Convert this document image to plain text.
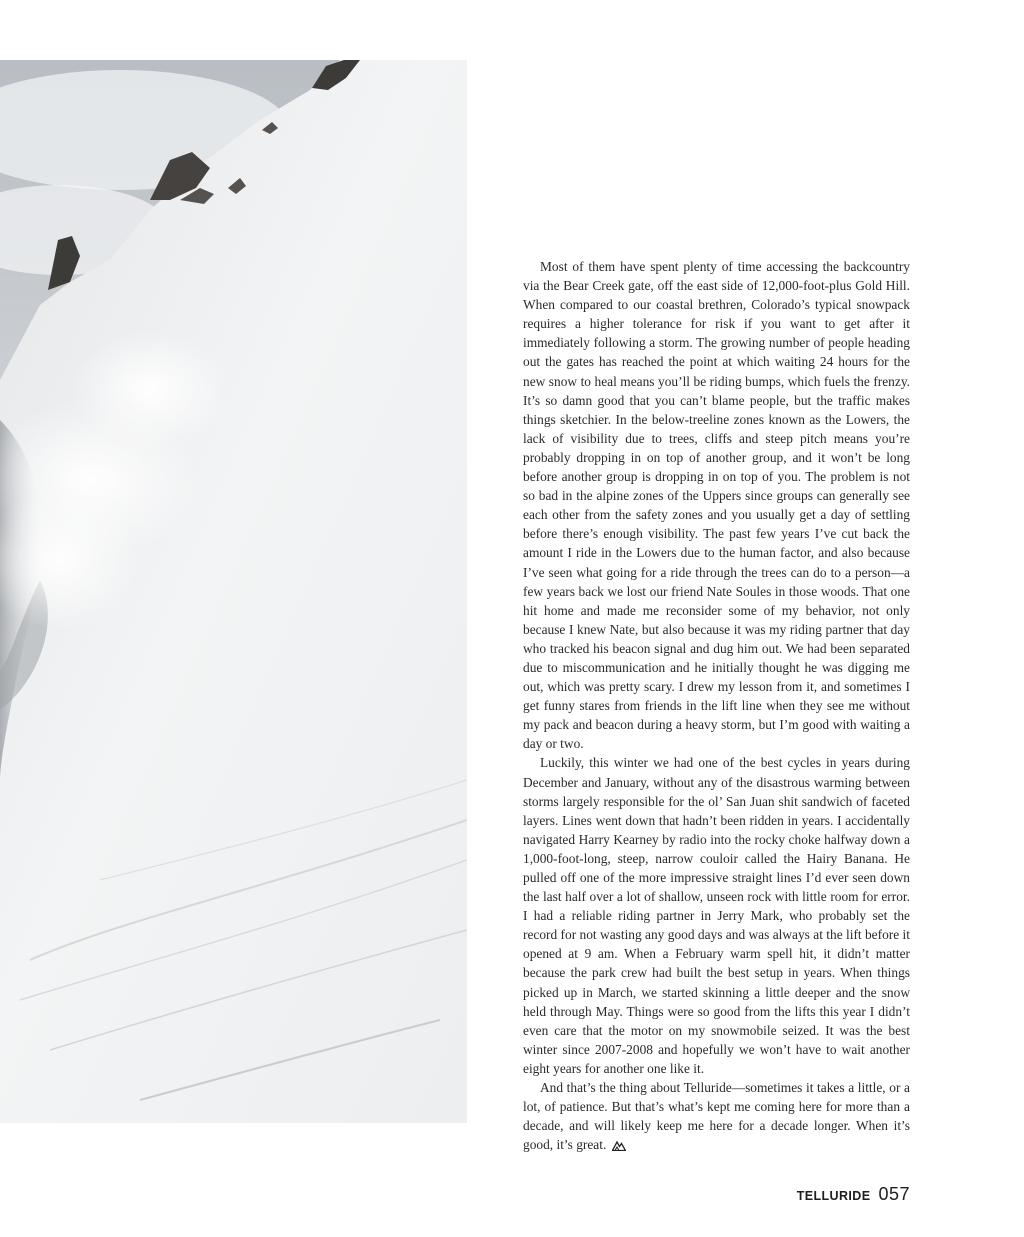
Most of them have spent plenty of time accessing the backcountry via the Bear Creek gate, off the east side of 12,000-foot-plus Gold Hill. When compared to our coastal brethren, Colorado’s typical snowpack requires a higher tolerance for risk if you want to get after it immediately following a storm. The growing number of people heading out the gates has reached the point at which waiting 24 hours for the new snow to heal means you’ll be riding bumps, which fuels the frenzy. It’s so damn good that you can’t blame people, but the traffic makes things sketchier. In the below-treeline zones known as the Lowers, the lack of visibility due to trees, cliffs and steep pitch means you’re probably dropping in on top of another group, and it won’t be long before another group is dropping in on top of you. The problem is not so bad in the alpine zones of the Uppers since groups can generally see each other from the safety zones and you usually get a day of settling before there’s enough visibility. The past few years I’ve cut back the amount I ride in the Lowers due to the human factor, and also because I’ve seen what going for a ride through the trees can do to a person—a few years back we lost our friend Nate Soules in those woods. That one hit home and made me reconsider some of my behavior, not only because I knew Nate, but also because it was my riding partner that day who tracked his beacon signal and dug him out. We had been separated due to miscommunication and he initially thought he was digging me out, which was pretty scary. I drew my lesson from it, and sometimes I get funny stares from friends in the lift line when they see me without my pack and beacon during a heavy storm, but I’m good with waiting a day or two.

Luckily, this winter we had one of the best cycles in years during December and January, without any of the disastrous warming between storms largely responsible for the ol’ San Juan shit sandwich of faceted layers. Lines went down that hadn’t been ridden in years. I accidentally navigated Harry Kearney by radio into the rocky choke halfway down a 1,000-foot-long, steep, narrow couloir called the Hairy Banana. He pulled off one of the more impressive straight lines I’d ever seen down the last half over a lot of shallow, unseen rock with little room for error. I had a reliable riding partner in Jerry Mark, who probably set the record for not wasting any good days and was always at the lift before it opened at 9 am. When a February warm spell hit, it didn’t matter because the park crew had built the best setup in years. When things picked up in March, we started skinning a little deeper and the snow held through May. Things were so good from the lifts this year I didn’t even care that the motor on my snowmobile seized. It was the best winter since 2007-2008 and hopefully we won’t have to wait another eight years for another one like it.

And that’s the thing about Telluride—sometimes it takes a little, or a lot, of patience. But that’s what’s kept me coming here for more than a decade, and will likely keep me here for a decade longer. When it’s good, it’s great.

TELLURIDE 057
